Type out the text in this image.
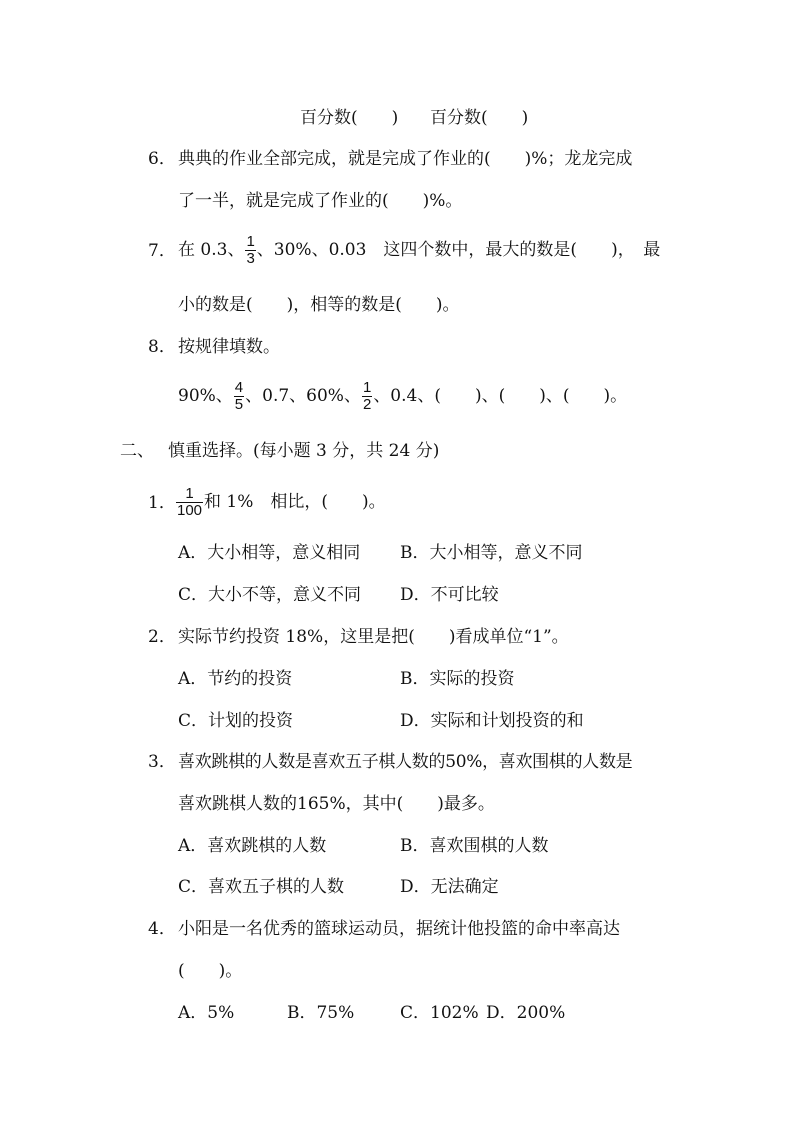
百分数(　　) 百分数(　　)
6． 典典的作业全部完成，就是完成了作业的(　　)%；龙龙完成
了一半，就是完成了作业的(　　)%。
7． 在 0.3、 $\frac{1}{3}$ 、30%、0.03　这四个数中，最大的数是(　　)，　最
小的数是(　　)，相等的数是(　　)。
8． 按规律填数。
90%、 $\frac{4}{5}$ 、0.7、60%、 $\frac{1}{2}$ 、0.4、(　　)、(　　)、(　　)。
二、 慎重选择。(每小题 3 分，共 24 分)
1． $\frac{1}{100}$ 和 1%　相比，(　　)。
A．大小相等，意义相同 B．大小相等，意义不同
C．大小不等，意义不同 D．不可比较
2． 实际节约投资 18%，这里是把(　　)看成单位“1”。
A．节约的投资	B．实际的投资
C．计划的投资	D．实际和计划投资的和
3． 喜欢跳棋的人数是喜欢五子棋人数的50%，喜欢围棋的人数是
喜欢跳棋人数的165%，其中(　　)最多。
A．喜欢跳棋的人数	B．喜欢围棋的人数
C．喜欢五子棋的人数	D．无法确定
4． 小阳是一名优秀的篮球运动员，据统计他投篮的命中率高达
(　　)。
A．5%	B．75%	C．102% D．200%
